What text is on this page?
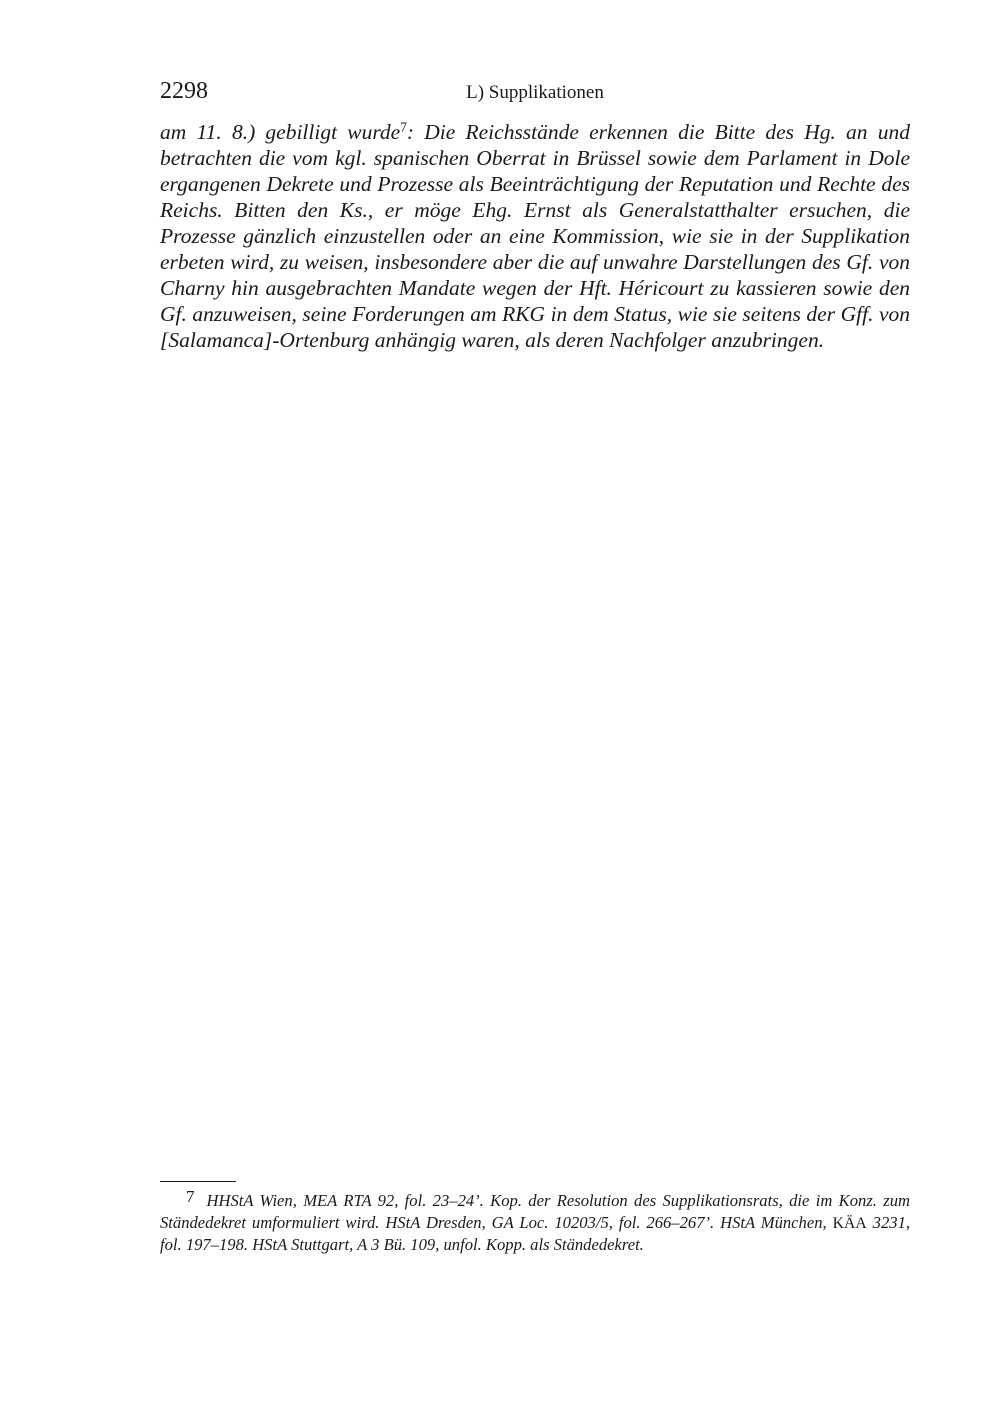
2298	L) Supplikationen

am 11. 8.) gebilligt wurde$^7$: Die Reichsstände erkennen die Bitte des Hg. an und betrachten die vom kgl. spanischen Oberrat in Brüssel sowie dem Parlament in Dole ergangenen Dekrete und Prozesse als Beeinträchtigung der Reputation und Rechte des Reichs. Bitten den Ks., er möge Ehg. Ernst als Generalstatthalter ersuchen, die Prozesse gänzlich einzustellen oder an eine Kommission, wie sie in der Supplikation erbeten wird, zu weisen, insbesondere aber die auf unwahre Darstellungen des Gf. von Charny hin ausgebrachten Mandate wegen der Hft. Héricourt zu kassieren sowie den Gf. anzuweisen, seine Forderungen am RKG in dem Status, wie sie seitens der Gff. von [Salamanca]-Ortenburg anhängig waren, als deren Nachfolger anzubringen.

7 HHStA Wien, MEA RTA 92, fol. 23–24’. Kop. der Resolution des Supplikationsrats, die im Konz. zum Ständedekret umformuliert wird. HStA Dresden, GA Loc. 10203/5, fol. 266–267’. HStA München, KÄA 3231, fol. 197–198. HStA Stuttgart, A 3 Bü. 109, unfol. Kopp. als Ständedekret.
